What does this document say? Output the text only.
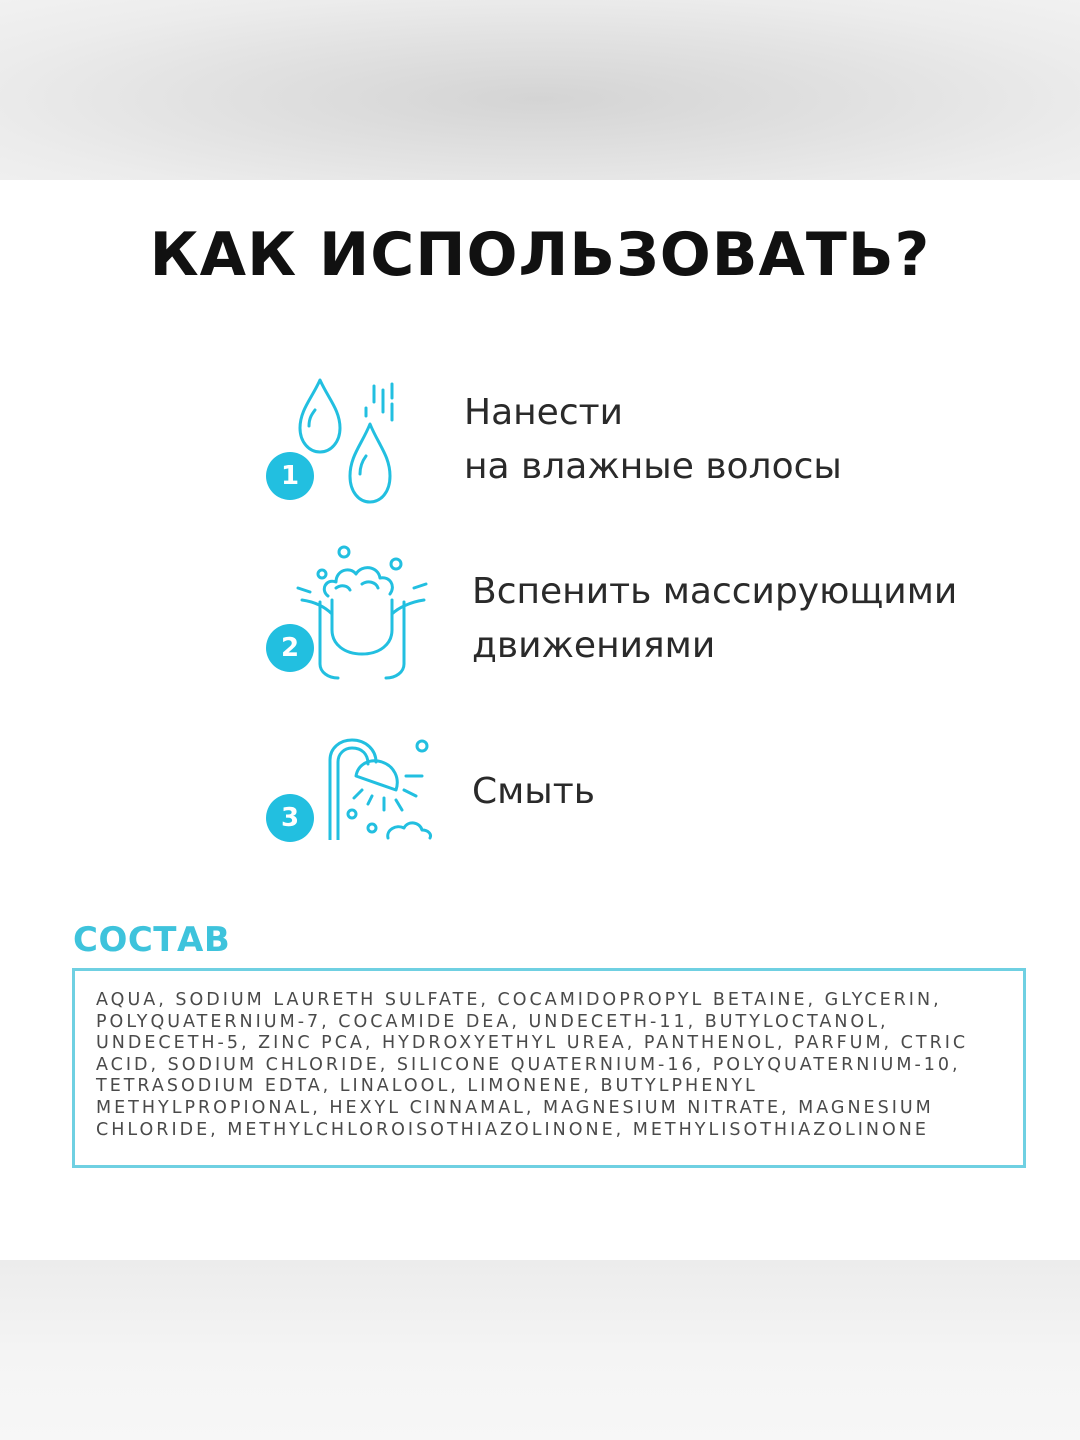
КАК ИСПОЛЬЗОВАТЬ?
1
Нанести
на влажные волосы
2
Вспенить массирующими
движениями
3
Смыть
СОСТАВ
AQUA, SODIUM LAURETH SULFATE, COCAMIDOPROPYL BETAINE, GLYCERIN,
POLYQUATERNIUM-7, COCAMIDE DEA, UNDECETH-11, BUTYLOCTANOL,
UNDECETH-5, ZINC PCA, HYDROXYETHYL UREA, PANTHENOL, PARFUM, CTRIC
ACID, SODIUM CHLORIDE, SILICONE QUATERNIUM-16, POLYQUATERNIUM-10,
TETRASODIUM EDTA, LINALOOL, LIMONENE, BUTYLPHENYL
METHYLPROPIONAL, HEXYL CINNAMAL, MAGNESIUM NITRATE, MAGNESIUM
CHLORIDE, METHYLCHLOROISOTHIAZOLINONE, METHYLISOTHIAZOLINONE
